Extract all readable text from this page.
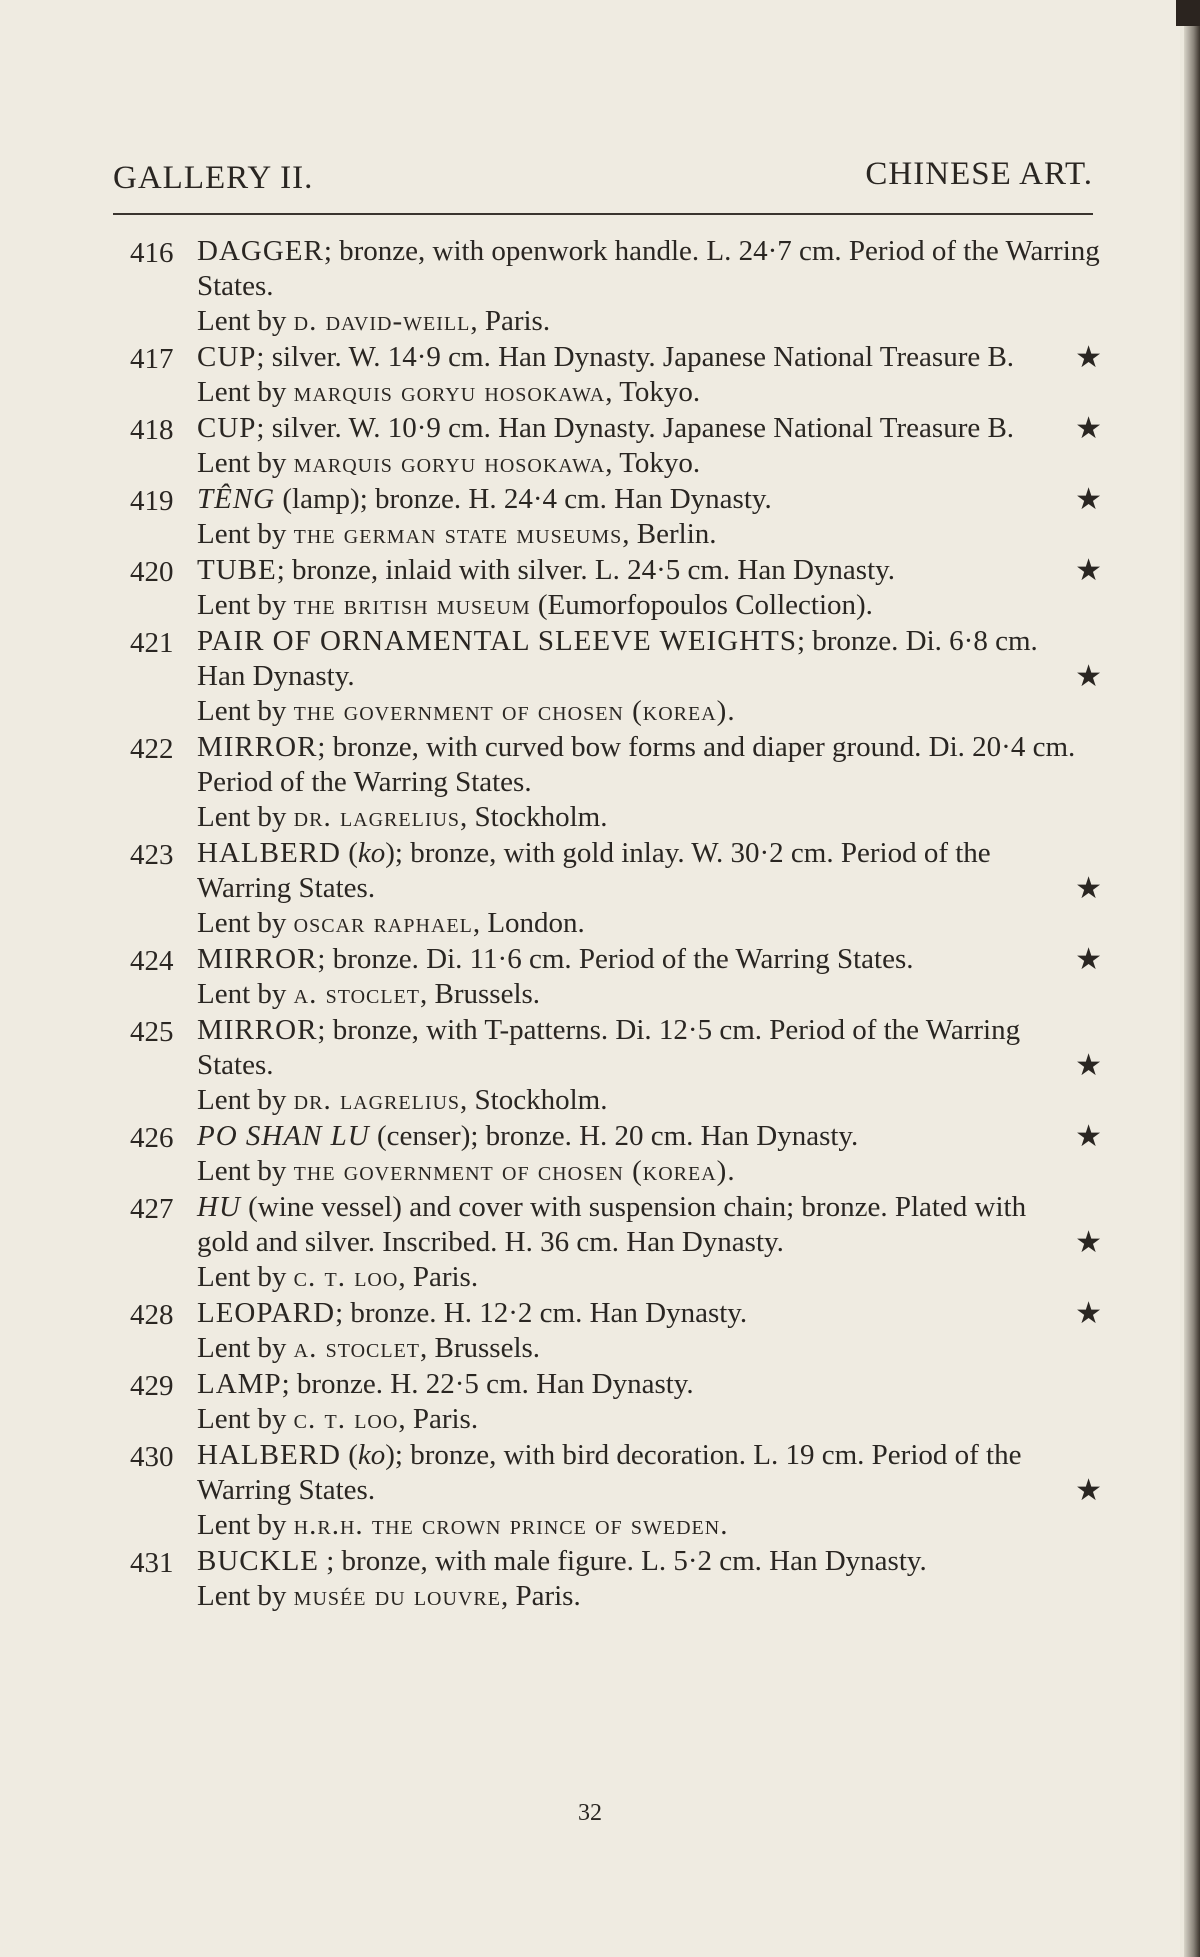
GALLERY II.	CHINESE ART.
416 DAGGER; bronze, with openwork handle. L. 24·7 cm. Period of the Warring States.
Lent by d. david-weill, Paris.
417 CUP; silver. W. 14·9 cm. Han Dynasty. Japanese National Treasure B. ★
Lent by marquis goryu hosokawa, Tokyo.
418 CUP; silver. W. 10·9 cm. Han Dynasty. Japanese National Treasure B. ★
Lent by marquis goryu hosokawa, Tokyo.
419 TÊNG (lamp); bronze. H. 24·4 cm. Han Dynasty.	★
Lent by the german state museums, Berlin.
420 TUBE; bronze, inlaid with silver. L. 24·5 cm. Han Dynasty.	★
Lent by the british museum (Eumorfopoulos Collection).
421 PAIR OF ORNAMENTAL SLEEVE WEIGHTS; bronze. Di. 6·8 cm. Han Dynasty.	★
Lent by the government of chosen (korea).
422 MIRROR; bronze, with curved bow forms and diaper ground. Di. 20·4 cm. Period of the Warring States.
Lent by dr. lagrelius, Stockholm.
423 HALBERD (ko); bronze, with gold inlay. W. 30·2 cm. Period of the Warring States.	★
Lent by oscar raphael, London.
424 MIRROR; bronze. Di. 11·6 cm. Period of the Warring States.	★
Lent by a. stoclet, Brussels.
425 MIRROR; bronze, with T-patterns. Di. 12·5 cm. Period of the Warring States.	★
Lent by dr. lagrelius, Stockholm.
426 PO SHAN LU (censer); bronze. H. 20 cm. Han Dynasty.	★
Lent by the government of chosen (korea).
427 HU (wine vessel) and cover with suspension chain; bronze. Plated with gold and silver. Inscribed. H. 36 cm. Han Dynasty.	★
Lent by c. t. loo, Paris.
428 LEOPARD; bronze. H. 12·2 cm. Han Dynasty.	★
Lent by a. stoclet, Brussels.
429 LAMP; bronze. H. 22·5 cm. Han Dynasty.
Lent by c. t. loo, Paris.
430 HALBERD (ko); bronze, with bird decoration. L. 19 cm. Period of the Warring States.	★
Lent by h.r.h. the crown prince of sweden.
431 BUCKLE ; bronze, with male figure. L. 5·2 cm. Han Dynasty.
Lent by musée du louvre, Paris.
32
